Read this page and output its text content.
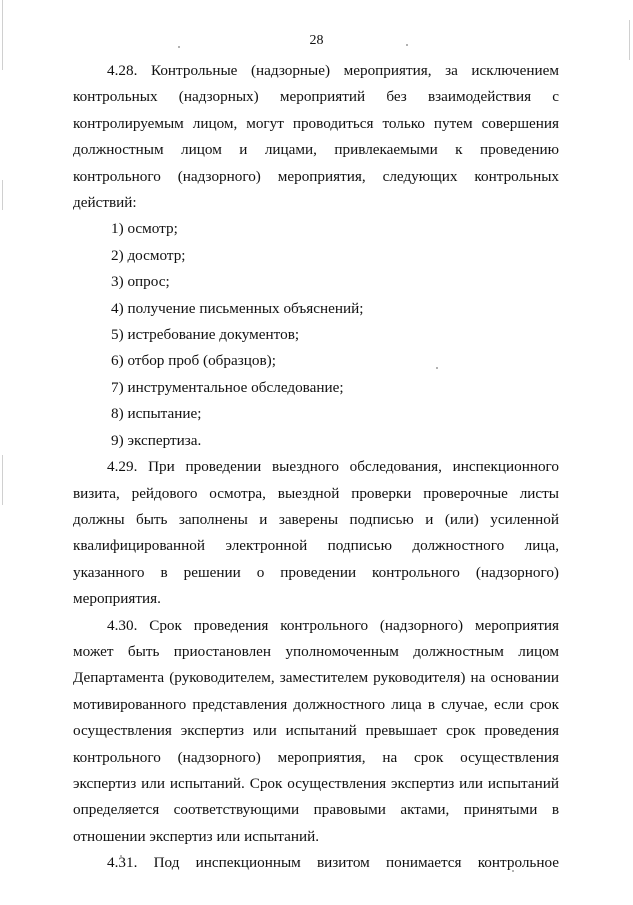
28

4.28. Контрольные (надзорные) мероприятия, за исключением контрольных (надзорных) мероприятий без взаимодействия с контролируемым лицом, могут проводиться только путем совершения должностным лицом и лицами, привлекаемыми к проведению контрольного (надзорного) мероприятия, следующих контрольных действий:

1) осмотр;

2) досмотр;

3) опрос;

4) получение письменных объяснений;

5) истребование документов;

6) отбор проб (образцов);

7) инструментальное обследование;

8) испытание;

9) экспертиза.

4.29. При проведении выездного обследования, инспекционного визита, рейдового осмотра, выездной проверки проверочные листы должны быть заполнены и заверены подписью и (или) усиленной квалифицированной электронной подписью должностного лица, указанного в решении о проведении контрольного (надзорного) мероприятия.

4.30. Срок проведения контрольного (надзорного) мероприятия может быть приостановлен уполномоченным должностным лицом Департамента (руководителем, заместителем руководителя) на основании мотивированного представления должностного лица в случае, если срок осуществления экспертиз или испытаний превышает срок проведения контрольного (надзорного) мероприятия, на срок осуществления экспертиз или испытаний. Срок осуществления экспертиз или испытаний определяется соответствующими правовыми актами, принятыми в отношении экспертиз или испытаний.

4.31. Под инспекционным визитом понимается контрольное
